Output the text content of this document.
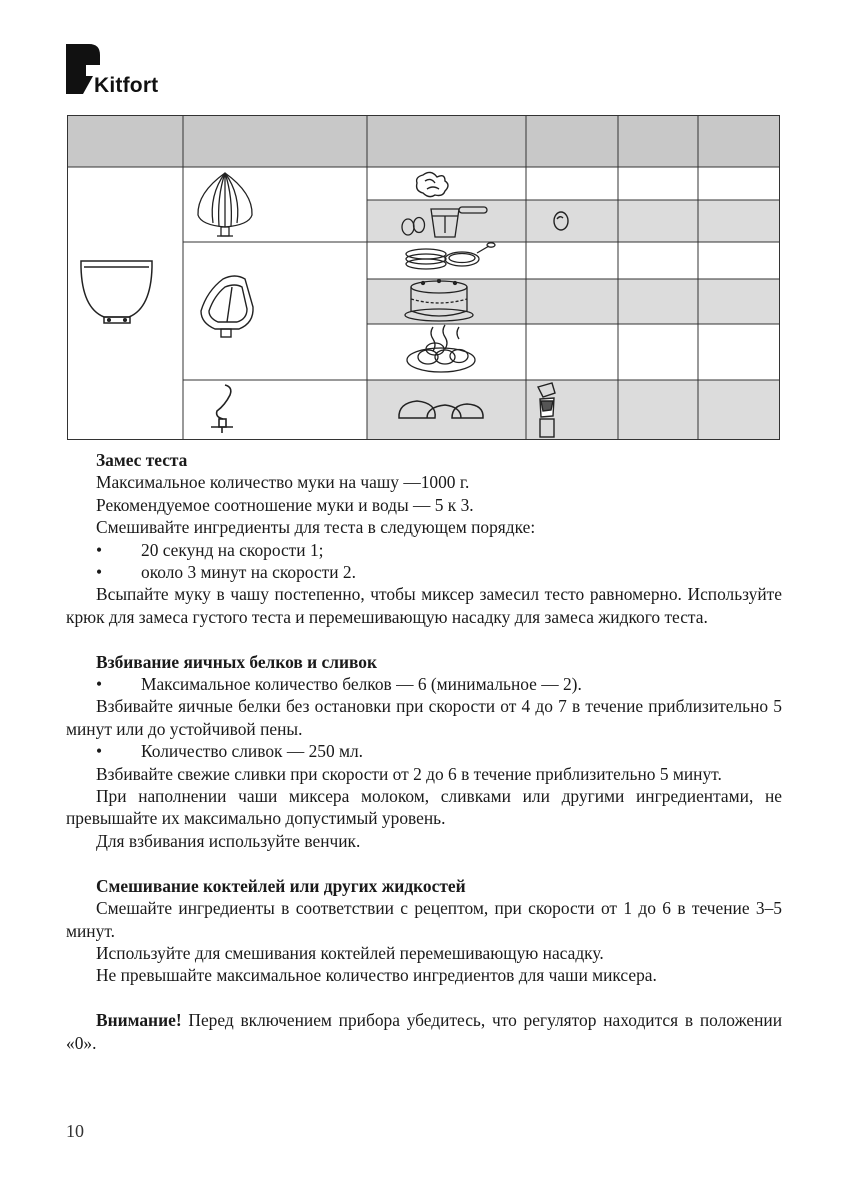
Kitfort

Замес теста

Максимальное количество муки на чашу —1000 г.

Рекомендуемое соотношение муки и воды — 5 к 3.

Смешивайте ингредиенты для теста в следующем порядке:

• 20 секунд на скорости 1;

• около 3 минут на скорости 2.

Всыпайте муку в чашу постепенно, чтобы миксер замесил тесто равномерно. Используйте крюк для замеса густого теста и перемешивающую насадку для замеса жидкого теста.

Взбивание яичных белков и сливок

• Максимальное количество белков — 6 (минимальное — 2).

Взбивайте яичные белки без остановки при скорости от 4 до 7 в течение приблизительно 5 минут или до устойчивой пены.

• Количество сливок — 250 мл.

Взбивайте свежие сливки при скорости от 2 до 6 в течение приблизительно 5 минут.

При наполнении чаши миксера молоком, сливками или другими ингредиентами, не превышайте их максимально допустимый уровень.

Для взбивания используйте венчик.

Смешивание коктейлей или других жидкостей

Смешайте ингредиенты в соответствии с рецептом, при скорости от 1 до 6 в течение 3–5 минут.

Используйте для смешивания коктейлей перемешивающую насадку.

Не превышайте максимальное количество ингредиентов для чаши миксера.

Внимание! Перед включением прибора убедитесь, что регулятор находится в положении «0».

10
